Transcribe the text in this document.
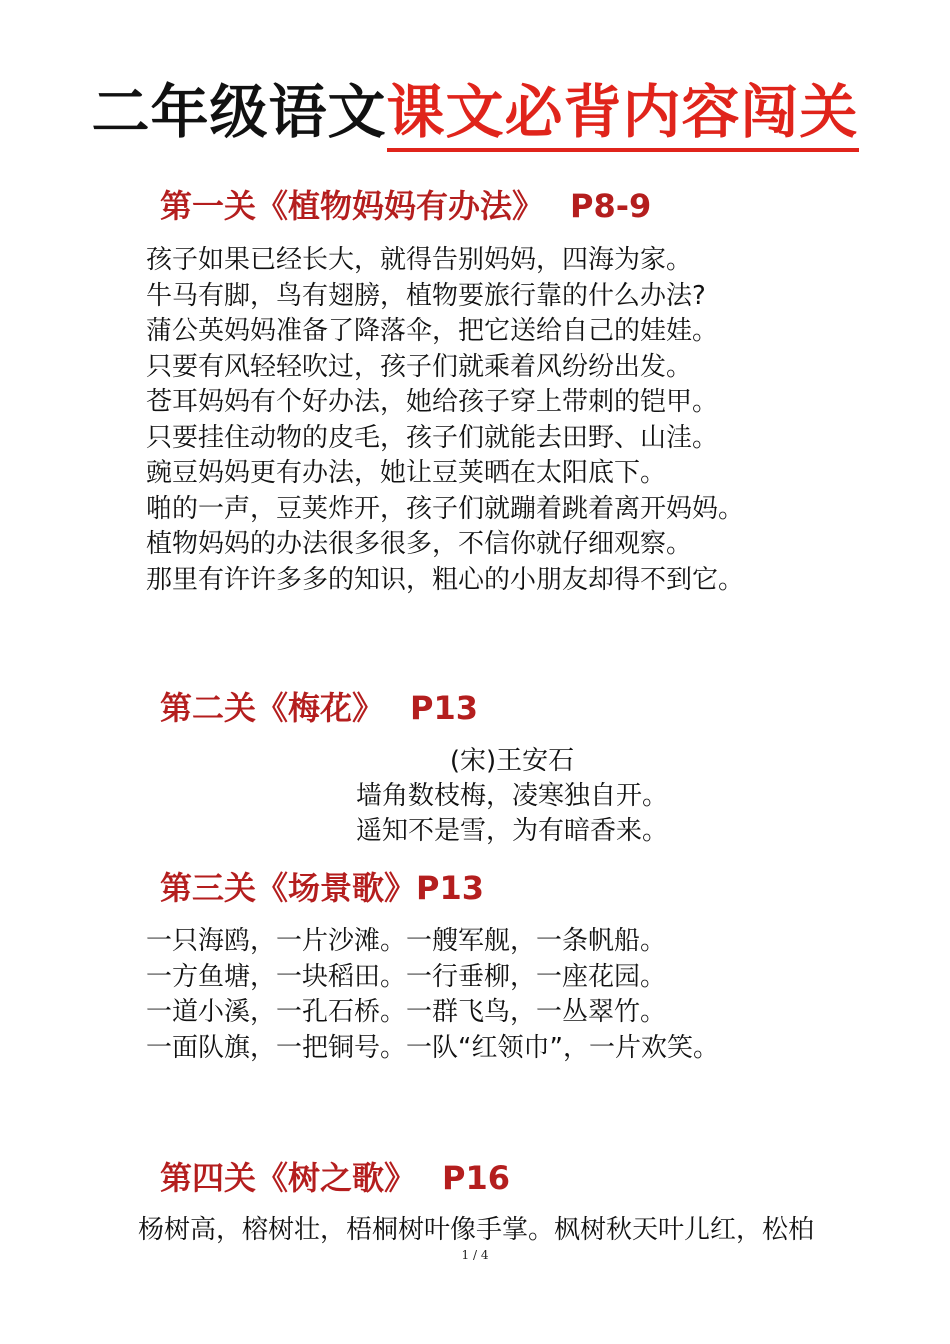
二年级语文课文必背内容闯关
第一关《植物妈妈有办法》 P8-9
孩子如果已经长大，就得告别妈妈，四海为家。
牛马有脚，鸟有翅膀，植物要旅行靠的什么办法?
蒲公英妈妈准备了降落伞，把它送给自己的娃娃。
只要有风轻轻吹过，孩子们就乘着风纷纷出发。
苍耳妈妈有个好办法，她给孩子穿上带刺的铠甲。
只要挂住动物的皮毛，孩子们就能去田野、山洼。
豌豆妈妈更有办法，她让豆荚晒在太阳底下。
啪的一声，豆荚炸开，孩子们就蹦着跳着离开妈妈。
植物妈妈的办法很多很多，不信你就仔细观察。
那里有许许多多的知识，粗心的小朋友却得不到它。
第二关《梅花》 P13
(宋)王安石
墙角数枝梅，凌寒独自开。
遥知不是雪，为有暗香来。
第三关《场景歌》P13
一只海鸥，一片沙滩。一艘军舰，一条帆船。
一方鱼塘，一块稻田。一行垂柳，一座花园。
一道小溪，一孔石桥。一群飞鸟，一丛翠竹。
一面队旗，一把铜号。一队“红领巾”，一片欢笑。
第四关《树之歌》 P16
杨树高，榕树壮，梧桐树叶像手掌。枫树秋天叶儿红，松柏
1 / 4
